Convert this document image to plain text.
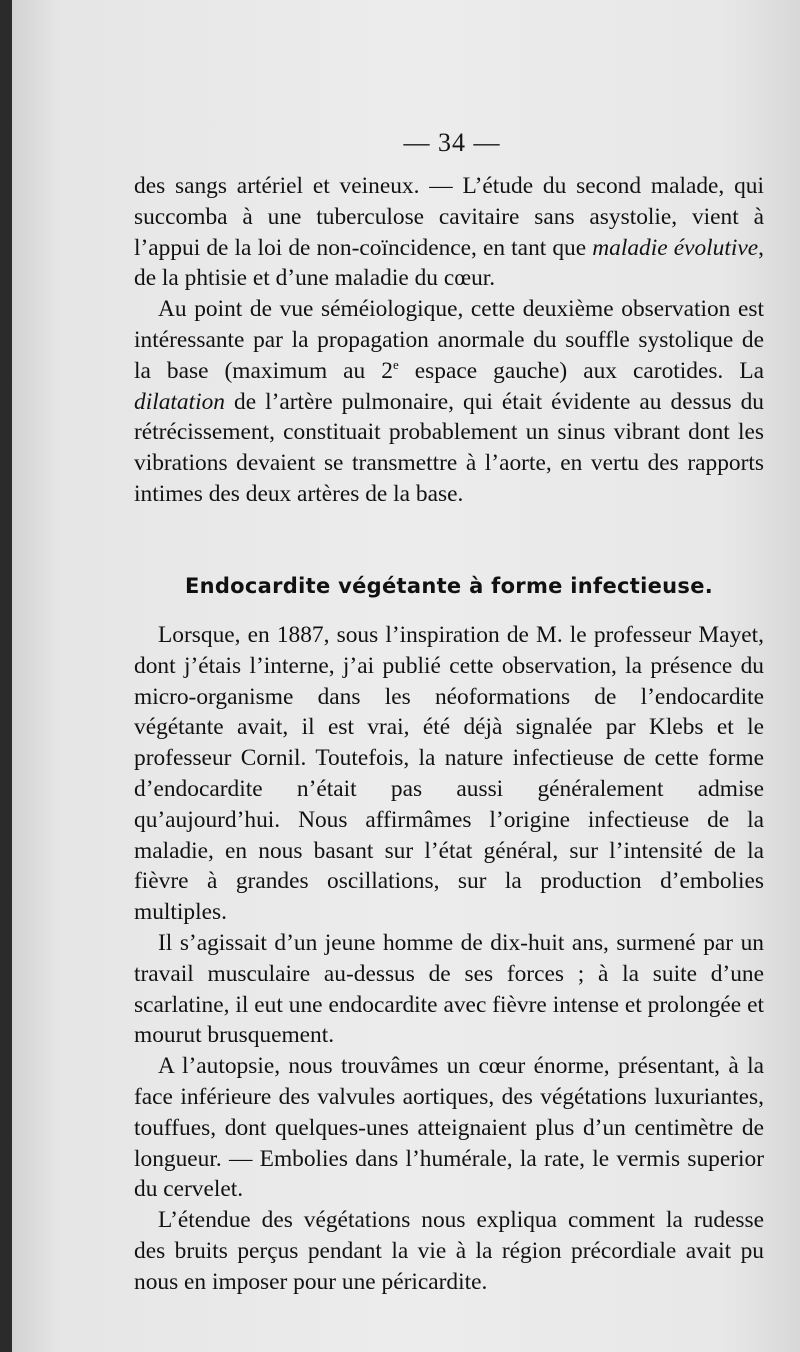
— 34 —

des sangs artériel et veineux. — L’étude du second malade, qui succomba à une tuberculose cavitaire sans asystolie, vient à l’appui de la loi de non-coïncidence, en tant que maladie évolutive, de la phtisie et d’une maladie du cœur.

Au point de vue séméiologique, cette deuxième observation est intéressante par la propagation anormale du souffle systolique de la base (maximum au 2e espace gauche) aux carotides. La dilatation de l’artère pulmonaire, qui était évidente au dessus du rétrécissement, constituait probablement un sinus vibrant dont les vibrations devaient se transmettre à l’aorte, en vertu des rapports intimes des deux artères de la base.

Endocardite végétante à forme infectieuse.

Lorsque, en 1887, sous l’inspiration de M. le professeur Mayet, dont j’étais l’interne, j’ai publié cette observation, la présence du micro-organisme dans les néoformations de l’endocardite végétante avait, il est vrai, été déjà signalée par Klebs et le professeur Cornil. Toutefois, la nature infectieuse de cette forme d’endocardite n’était pas aussi généralement admise qu’aujourd’hui. Nous affirmâmes l’origine infectieuse de la maladie, en nous basant sur l’état général, sur l’intensité de la fièvre à grandes oscillations, sur la production d’embolies multiples.

Il s’agissait d’un jeune homme de dix-huit ans, surmené par un travail musculaire au-dessus de ses forces ; à la suite d’une scarlatine, il eut une endocardite avec fièvre intense et prolongée et mourut brusquement.

A l’autopsie, nous trouvâmes un cœur énorme, présentant, à la face inférieure des valvules aortiques, des végétations luxuriantes, touffues, dont quelques-unes atteignaient plus d’un centimètre de longueur. — Embolies dans l’humérale, la rate, le vermis superior du cervelet.

L’étendue des végétations nous expliqua comment la rudesse des bruits perçus pendant la vie à la région précordiale avait pu nous en imposer pour une péricardite.
